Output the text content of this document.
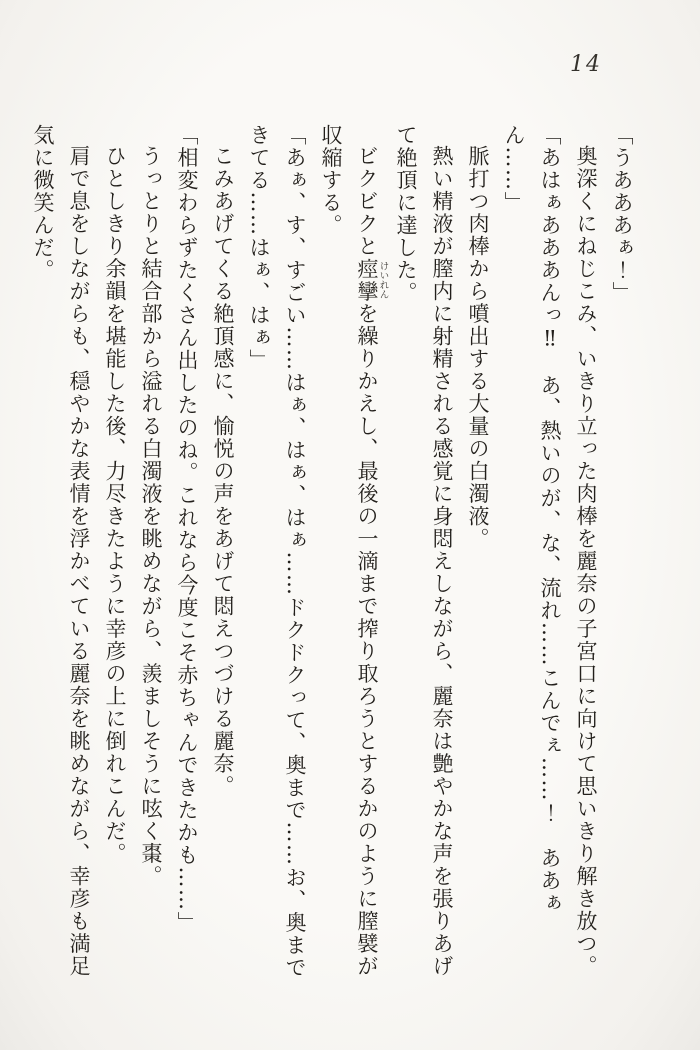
14

「うあああぁ！」

奥深くにねじこみ、いきり立った肉棒を麗奈の子宮口に向けて思いきり解き放つ。

「あはぁあああんっ‼　あ、熱いのが、な、流れ……こんでぇ……！　ああぁん……」

脈打つ肉棒から噴出する大量の白濁液。

熱い精液が膣内に射精される感覚に身悶えしながら、麗奈は艶やかな声を張りあげて絶頂に達した。

ビクビクと痙攣けいれんを繰りかえし、最後の一滴まで搾り取ろうとするかのように膣襞が収縮する。

「あぁ、す、すごい……はぁ、はぁ、はぁ……ドクドクって、奥まで……お、奥まできてる……はぁ、はぁ」

こみあげてくる絶頂感に、愉悦の声をあげて悶えつづける麗奈。

「相変わらずたくさん出したのね。これなら今度こそ赤ちゃんできたかも……」

うっとりと結合部から溢れる白濁液を眺めながら、羨ましそうに呟く棗。

ひとしきり余韻を堪能した後、力尽きたように幸彦の上に倒れこんだ。

肩で息をしながらも、穏やかな表情を浮かべている麗奈を眺めながら、幸彦も満足気に微笑んだ。
